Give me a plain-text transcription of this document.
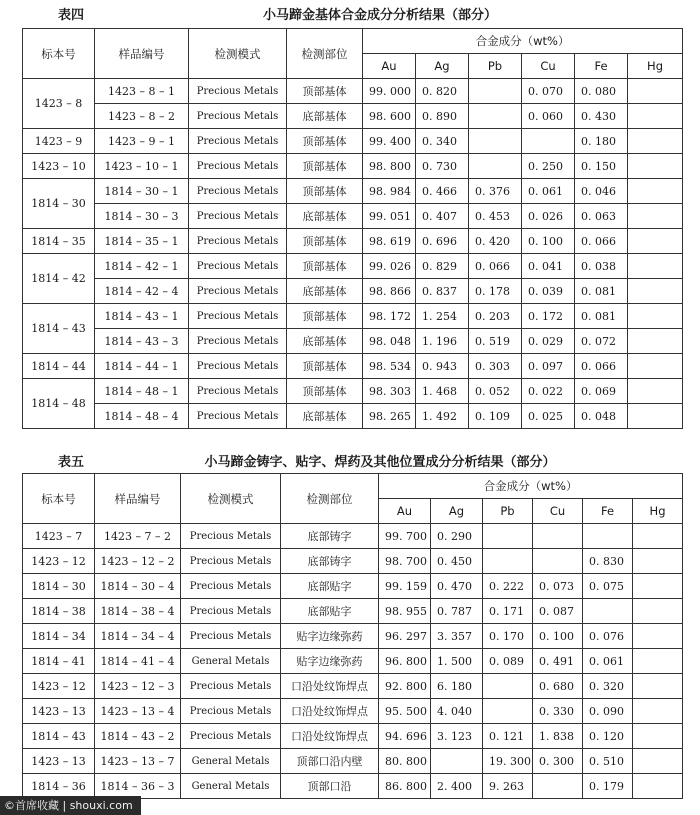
表四	小马蹄金基体合金成分分析结果（部分）
标本号	样品编号	检测模式	检测部位	合金成分（wt%）					
				Au	Ag	Pb	Cu	Fe	Hg
1423 – 8	1423 – 8 – 1	Precious Metals	顶部基体	99. 000	0. 820		0. 070	0. 080	
	1423 – 8 – 2	Precious Metals	底部基体	98. 600	0. 890		0. 060	0. 430	
1423 – 9	1423 – 9 – 1	Precious Metals	顶部基体	99. 400	0. 340			0. 180	
1423 – 10	1423 – 10 – 1	Precious Metals	顶部基体	98. 800	0. 730		0. 250	0. 150	
1814 – 30	1814 – 30 – 1	Precious Metals	顶部基体	98. 984	0. 466	0. 376	0. 061	0. 046	
	1814 – 30 – 3	Precious Metals	底部基体	99. 051	0. 407	0. 453	0. 026	0. 063	
1814 – 35	1814 – 35 – 1	Precious Metals	顶部基体	98. 619	0. 696	0. 420	0. 100	0. 066	
1814 – 42	1814 – 42 – 1	Precious Metals	顶部基体	99. 026	0. 829	0. 066	0. 041	0. 038	
	1814 – 42 – 4	Precious Metals	底部基体	98. 866	0. 837	0. 178	0. 039	0. 081	
1814 – 43	1814 – 43 – 1	Precious Metals	顶部基体	98. 172	1. 254	0. 203	0. 172	0. 081	
	1814 – 43 – 3	Precious Metals	底部基体	98. 048	1. 196	0. 519	0. 029	0. 072	
1814 – 44	1814 – 44 – 1	Precious Metals	顶部基体	98. 534	0. 943	0. 303	0. 097	0. 066	
1814 – 48	1814 – 48 – 1	Precious Metals	顶部基体	98. 303	1. 468	0. 052	0. 022	0. 069	
	1814 – 48 – 4	Precious Metals	底部基体	98. 265	1. 492	0. 109	0. 025	0. 048	
表五	小马蹄金铸字、贴字、焊药及其他位置成分分析结果（部分）
标本号	样品编号	检测模式	检测部位	合金成分（wt%）					
				Au	Ag	Pb	Cu	Fe	Hg
1423 – 7	1423 – 7 – 2	Precious Metals	底部铸字	99. 700	0. 290				
1423 – 12	1423 – 12 – 2	Precious Metals	底部铸字	98. 700	0. 450			0. 830	
1814 – 30	1814 – 30 – 4	Precious Metals	底部贴字	99. 159	0. 470	0. 222	0. 073	0. 075	
1814 – 38	1814 – 38 – 4	Precious Metals	底部贴字	98. 955	0. 787	0. 171	0. 087		
1814 – 34	1814 – 34 – 4	Precious Metals	贴字边缘弥药	96. 297	3. 357	0. 170	0. 100	0. 076	
1814 – 41	1814 – 41 – 4	General Metals	贴字边缘弥药	96. 800	1. 500	0. 089	0. 491	0. 061	
1423 – 12	1423 – 12 – 3	Precious Metals	口沿处纹饰焊点	92. 800	6. 180		0. 680	0. 320	
1423 – 13	1423 – 13 – 4	Precious Metals	口沿处纹饰焊点	95. 500	4. 040		0. 330	0. 090	
1814 – 43	1814 – 43 – 2	Precious Metals	口沿处纹饰焊点	94. 696	3. 123	0. 121	1. 838	0. 120	
1423 – 13	1423 – 13 – 7	General Metals	顶部口沿内壁	80. 800		19. 300	0. 300	0. 510	
1814 – 36	1814 – 36 – 3	General Metals	顶部口沿	86. 800	2. 400	9. 263		0. 179	
©首席收藏 | shouxi.com
